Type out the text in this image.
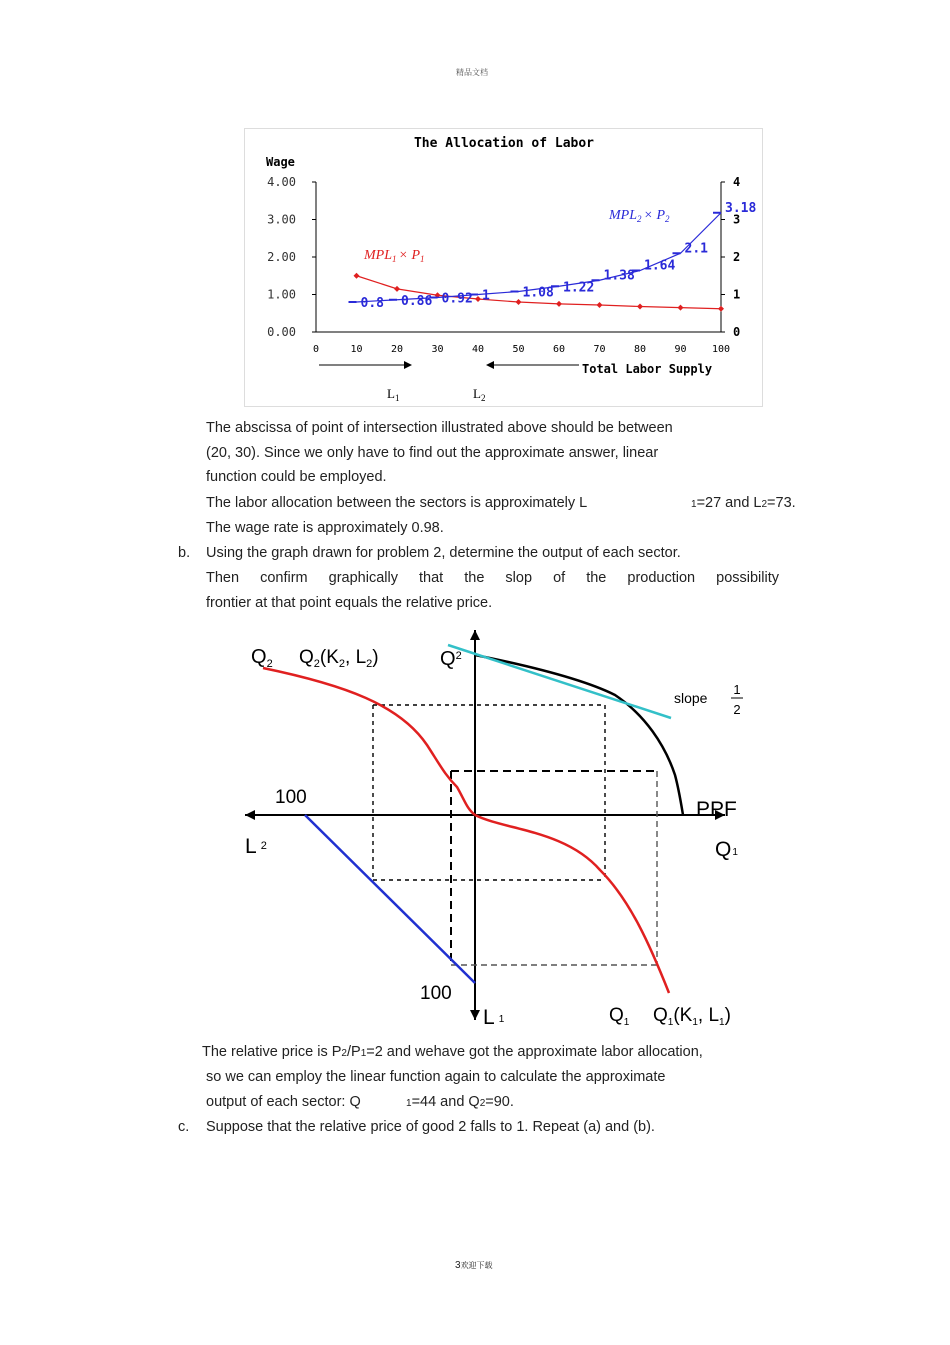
精品文档
The Allocation of Labor
Wage
4.00
3.00
2.00
1.00
0.00
4
3
2
1
0
0	10	20	30	40	50	60	70	80	90	100
0.8 0.86 0.92 1	1.08 1.22
1.38
1.64
2.1
3.18
$MPL_1 \times P_1$
$MPL_2 \times P_2$
Total Labor Supply
$L_1$	$L_2$
The abscissa of point of intersection illustrated above should be between
(20, 30). Since we only have to find out the approximate answer, linear
function could be employed.
The labor allocation between the sectors is approximately L	1=27 and L2=73.
The wage rate is approximately 0.98.
b. Using the graph drawn for problem 2, determine the output of each sector.
Then confirm graphically that the slop of the production possibility
frontier at that point equals the relative price.
$Q_2$ $Q_2(K_2$, $L_2$)	$Q^2$
slope
1
2
PPF
100
L 2	Q1
100
L 1	$Q_1$ $Q_1(K_1$, $L_1$)
The relative price is P2/P1=2 and wehave got the approximate labor allocation,
so we can employ the linear function again to calculate the approximate
output of each sector: Q	1=44 and Q2=90.
c. Suppose that the relative price of good 2 falls to 1. Repeat (a) and (b).
3欢迎下载
